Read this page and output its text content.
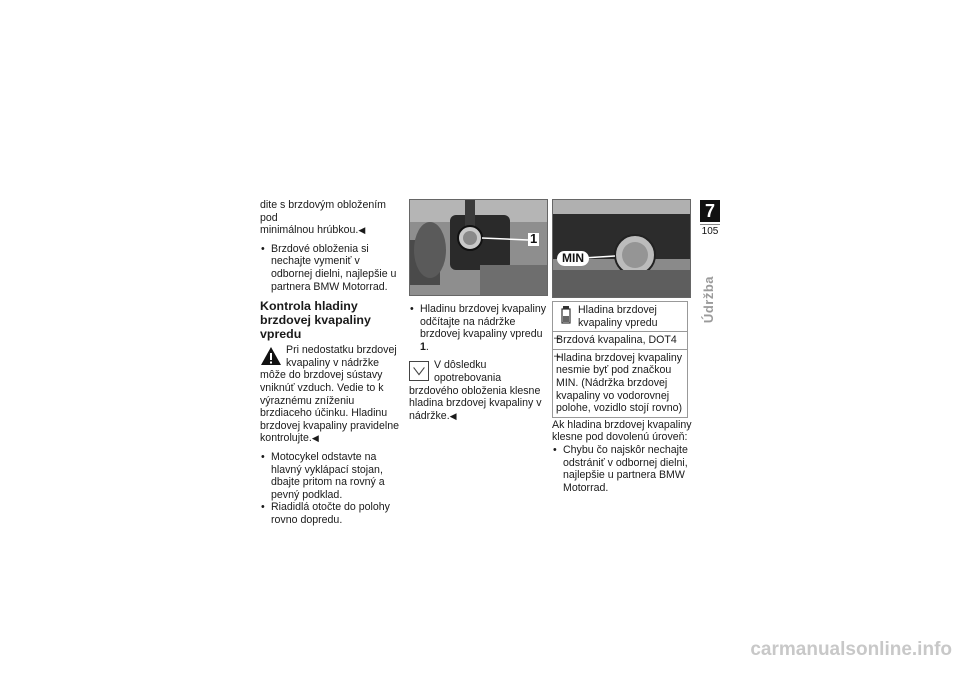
dite s brzdovým obložením pod
minimálnou hrúbkou.◀

• Brzdové obloženia si nechajte vymeniť v odbornej dielni, najlepšie u partnera BMW Motorrad.

Kontrola hladiny brzdovej kvapaliny vpredu

Pri nedostatku brzdovej kvapaliny v nádržke môže do brzdovej sústavy vniknúť vzduch. Vedie to k výraznému zníženiu brzdiaceho účinku. Hladinu brzdovej kvapaliny pravidelne kontrolujte.◀

• Motocykel odstavte na hlavný vyklápací stojan, dbajte pritom na rovný a pevný podklad.

• Riadidlá otočte do polohy rovno dopredu.

1

• Hladinu brzdovej kvapaliny odčítajte na nádržke brzdovej kvapaliny vpredu 1.

V dôsledku opotrebovania brzdového obloženia klesne hladina brzdovej kvapaliny v nádržke.◀

MIN
Hladina brzdovej kvapaliny vpredu
– Brzdová kvapalina, DOT4
– Hladina brzdovej kvapaliny nesmie byť pod značkou MIN. (Nádržka brzdovej kvapaliny vo vodorovnej polohe, vozidlo stojí rovno)

Ak hladina brzdovej kvapaliny klesne pod dovolenú úroveň:

• Chybu čo najskôr nechajte odstrániť v odbornej dielni, najlepšie u partnera BMW Motorrad.

7
105
Údržba
carmanualsonline.info
